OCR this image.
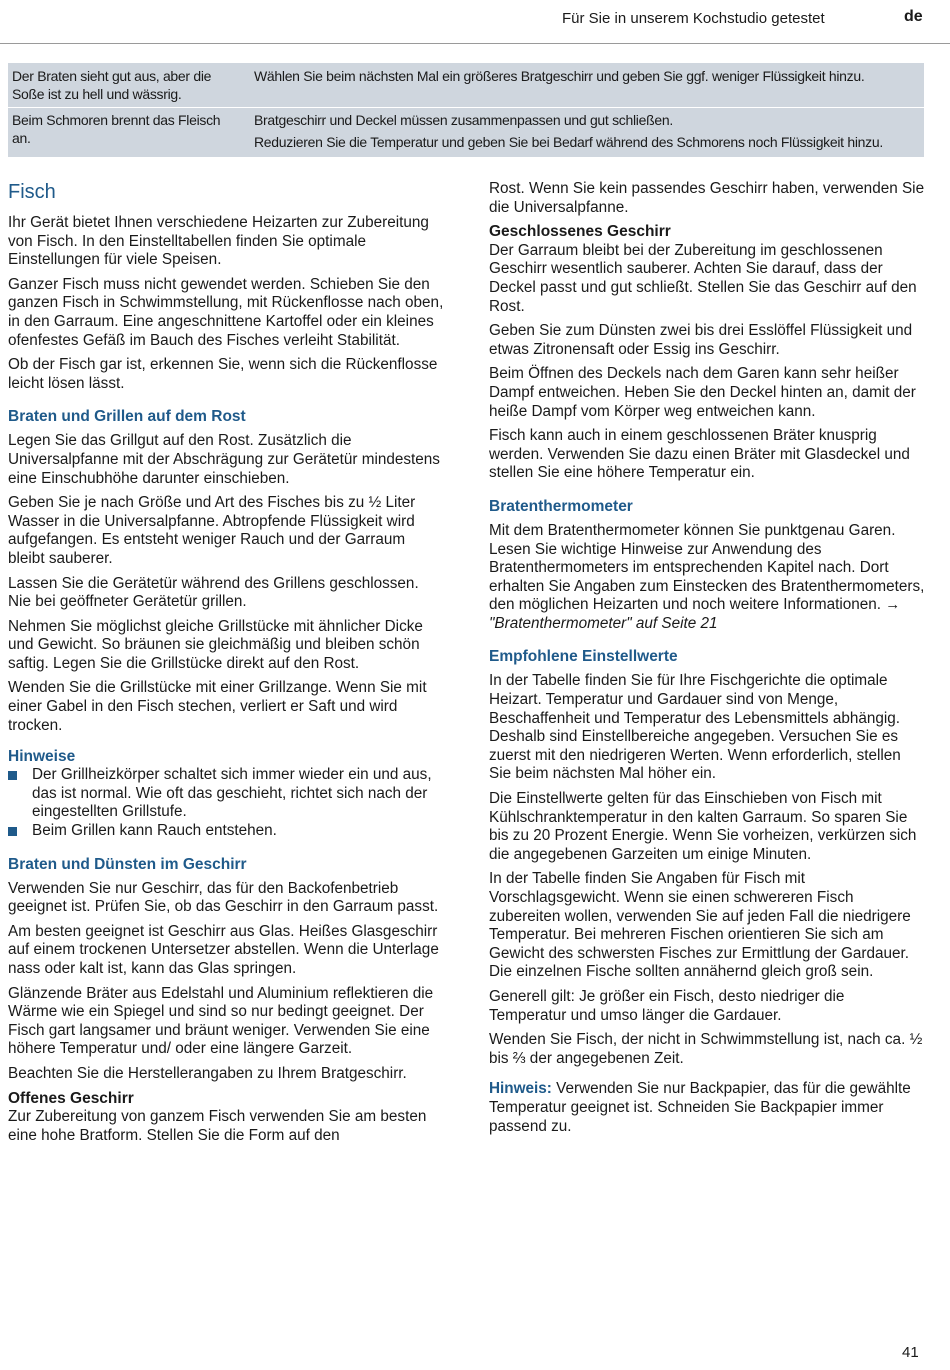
Für Sie in unserem Kochstudio getestet	de
Der Braten sieht gut aus, aber die Soße ist zu hell und wässrig.
Wählen Sie beim nächsten Mal ein größeres Bratgeschirr und geben Sie ggf. weniger Flüssigkeit hinzu.
Beim Schmoren brennt das Fleisch an.
Bratgeschirr und Deckel müssen zusammenpassen und gut schließen.
Reduzieren Sie die Temperatur und geben Sie bei Bedarf während des Schmorens noch Flüssigkeit hinzu.
Fisch

Ihr Gerät bietet Ihnen verschiedene Heizarten zur Zubereitung von Fisch. In den Einstelltabellen finden Sie optimale Einstellungen für viele Speisen.

Ganzer Fisch muss nicht gewendet werden. Schieben Sie den ganzen Fisch in Schwimmstellung, mit Rückenflosse nach oben, in den Garraum. Eine angeschnittene Kartoffel oder ein kleines ofenfestes Gefäß im Bauch des Fisches verleiht Stabilität.

Ob der Fisch gar ist, erkennen Sie, wenn sich die Rückenflosse leicht lösen lässt.

Braten und Grillen auf dem Rost

Legen Sie das Grillgut auf den Rost. Zusätzlich die Universalpfanne mit der Abschrägung zur Gerätetür mindestens eine Einschubhöhe darunter einschieben.

Geben Sie je nach Größe und Art des Fisches bis zu ½ Liter Wasser in die Universalpfanne. Abtropfende Flüssigkeit wird aufgefangen. Es entsteht weniger Rauch und der Garraum bleibt sauberer.

Lassen Sie die Gerätetür während des Grillens geschlossen. Nie bei geöffneter Gerätetür grillen.

Nehmen Sie möglichst gleiche Grillstücke mit ähnlicher Dicke und Gewicht. So bräunen sie gleichmäßig und bleiben schön saftig. Legen Sie die Grillstücke direkt auf den Rost.

Wenden Sie die Grillstücke mit einer Grillzange. Wenn Sie mit einer Gabel in den Fisch stechen, verliert er Saft und wird trocken.

Hinweise
Der Grillheizkörper schaltet sich immer wieder ein und aus, das ist normal. Wie oft das geschieht, richtet sich nach der eingestellten Grillstufe.
Beim Grillen kann Rauch entstehen.
Braten und Dünsten im Geschirr

Verwenden Sie nur Geschirr, das für den Backofenbetrieb geeignet ist. Prüfen Sie, ob das Geschirr in den Garraum passt.

Am besten geeignet ist Geschirr aus Glas. Heißes Glasgeschirr auf einem trockenen Untersetzer abstellen. Wenn die Unterlage nass oder kalt ist, kann das Glas springen.

Glänzende Bräter aus Edelstahl und Aluminium reflektieren die Wärme wie ein Spiegel und sind so nur bedingt geeignet. Der Fisch gart langsamer und bräunt weniger. Verwenden Sie eine höhere Temperatur und/ oder eine längere Garzeit.

Beachten Sie die Herstellerangaben zu Ihrem Bratgeschirr.

Offenes Geschirr

Zur Zubereitung von ganzem Fisch verwenden Sie am besten eine hohe Bratform. Stellen Sie die Form auf den

Rost. Wenn Sie kein passendes Geschirr haben, verwenden Sie die Universalpfanne.

Geschlossenes Geschirr

Der Garraum bleibt bei der Zubereitung im geschlossenen Geschirr wesentlich sauberer. Achten Sie darauf, dass der Deckel passt und gut schließt. Stellen Sie das Geschirr auf den Rost.

Geben Sie zum Dünsten zwei bis drei Esslöffel Flüssigkeit und etwas Zitronensaft oder Essig ins Geschirr.

Beim Öffnen des Deckels nach dem Garen kann sehr heißer Dampf entweichen. Heben Sie den Deckel hinten an, damit der heiße Dampf vom Körper weg entweichen kann.

Fisch kann auch in einem geschlossenen Bräter knusprig werden. Verwenden Sie dazu einen Bräter mit Glasdeckel und stellen Sie eine höhere Temperatur ein.

Bratenthermometer

Mit dem Bratenthermometer können Sie punktgenau Garen. Lesen Sie wichtige Hinweise zur Anwendung des Bratenthermometers im entsprechenden Kapitel nach. Dort erhalten Sie Angaben zum Einstecken des Bratenthermometers, den möglichen Heizarten und noch weitere Informationen. → "Bratenthermometer" auf Seite 21

Empfohlene Einstellwerte

In der Tabelle finden Sie für Ihre Fischgerichte die optimale Heizart. Temperatur und Gardauer sind von Menge, Beschaffenheit und Temperatur des Lebensmittels abhängig. Deshalb sind Einstellbereiche angegeben. Versuchen Sie es zuerst mit den niedrigeren Werten. Wenn erforderlich, stellen Sie beim nächsten Mal höher ein.

Die Einstellwerte gelten für das Einschieben von Fisch mit Kühlschranktemperatur in den kalten Garraum. So sparen Sie bis zu 20 Prozent Energie. Wenn Sie vorheizen, verkürzen sich die angegebenen Garzeiten um einige Minuten.

In der Tabelle finden Sie Angaben für Fisch mit Vorschlagsgewicht. Wenn sie einen schwereren Fisch zubereiten wollen, verwenden Sie auf jeden Fall die niedrigere Temperatur. Bei mehreren Fischen orientieren Sie sich am Gewicht des schwersten Fisches zur Ermittlung der Gardauer. Die einzelnen Fische sollten annähernd gleich groß sein.

Generell gilt: Je größer ein Fisch, desto niedriger die Temperatur und umso länger die Gardauer.

Wenden Sie Fisch, der nicht in Schwimmstellung ist, nach ca. ½ bis ⅔ der angegebenen Zeit.

Hinweis: Verwenden Sie nur Backpapier, das für die gewählte Temperatur geeignet ist. Schneiden Sie Backpapier immer passend zu.

41
